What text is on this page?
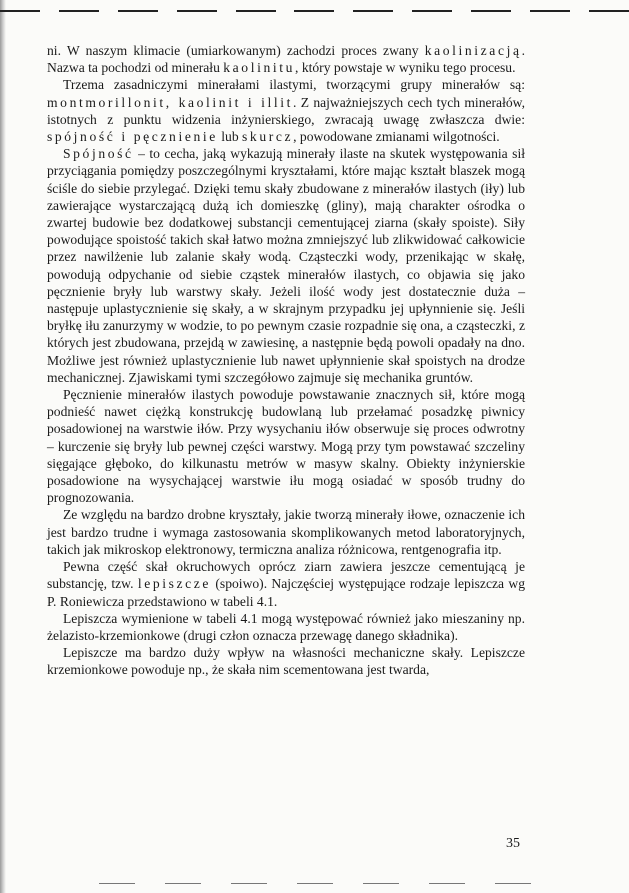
ni. W naszym klimacie (umiarkowanym) zachodzi proces zwany kaolinizacją. Nazwa ta pochodzi od minerału kaolinitu, który powstaje w wyniku tego procesu.

Trzema zasadniczymi minerałami ilastymi, tworzącymi grupy minerałów są: montmorillonit, kaolinit i illit. Z najważniejszych cech tych minerałów, istotnych z punktu widzenia inżynierskiego, zwracają uwagę zwłaszcza dwie: spójność i pęcznienie lub skurcz, powodowane zmianami wilgotności.

Spójność – to cecha, jaką wykazują minerały ilaste na skutek występowania sił przyciągania pomiędzy poszczególnymi kryształami, które mając kształt blaszek mogą ściśle do siebie przylegać. Dzięki temu skały zbudowane z minerałów ilastych (iły) lub zawierające wystarczającą dużą ich domieszkę (gliny), mają charakter ośrodka o zwartej budowie bez dodatkowej substancji cementującej ziarna (skały spoiste). Siły powodujące spoistość takich skał łatwo można zmniejszyć lub zlikwidować całkowicie przez nawilżenie lub zalanie skały wodą. Cząsteczki wody, przenikając w skałę, powodują odpychanie od siebie cząstek minerałów ilastych, co objawia się jako pęcznienie bryły lub warstwy skały. Jeżeli ilość wody jest dostatecznie duża – następuje uplastycznienie się skały, a w skrajnym przypadku jej upłynnienie się. Jeśli bryłkę iłu zanurzymy w wodzie, to po pewnym czasie rozpadnie się ona, a cząsteczki, z których jest zbudowana, przejdą w zawiesinę, a następnie będą powoli opadały na dno. Możliwe jest również uplastycznienie lub nawet upłynnienie skał spoistych na drodze mechanicznej. Zjawiskami tymi szczegółowo zajmuje się mechanika gruntów.

Pęcznienie minerałów ilastych powoduje powstawanie znacznych sił, które mogą podnieść nawet ciężką konstrukcję budowlaną lub przełamać posadzkę piwnicy posadowionej na warstwie iłów. Przy wysychaniu iłów obserwuje się proces odwrotny – kurczenie się bryły lub pewnej części warstwy. Mogą przy tym powstawać szczeliny sięgające głęboko, do kilkunastu metrów w masyw skalny. Obiekty inżynierskie posadowione na wysychającej warstwie iłu mogą osiadać w sposób trudny do prognozowania.

Ze względu na bardzo drobne kryształy, jakie tworzą minerały iłowe, oznaczenie ich jest bardzo trudne i wymaga zastosowania skomplikowanych metod laboratoryjnych, takich jak mikroskop elektronowy, termiczna analiza różnicowa, rentgenografia itp.

Pewna część skał okruchowych oprócz ziarn zawiera jeszcze cementującą je substancję, tzw. lepiszcze (spoiwo). Najczęściej występujące rodzaje lepiszcza wg P. Roniewicza przedstawiono w tabeli 4.1.

Lepiszcza wymienione w tabeli 4.1 mogą występować również jako mieszaniny np. żelazisto-krzemionkowe (drugi człon oznacza przewagę danego składnika).

Lepiszcze ma bardzo duży wpływ na własności mechaniczne skały. Lepiszcze krzemionkowe powoduje np., że skała nim scementowana jest twarda,

35
